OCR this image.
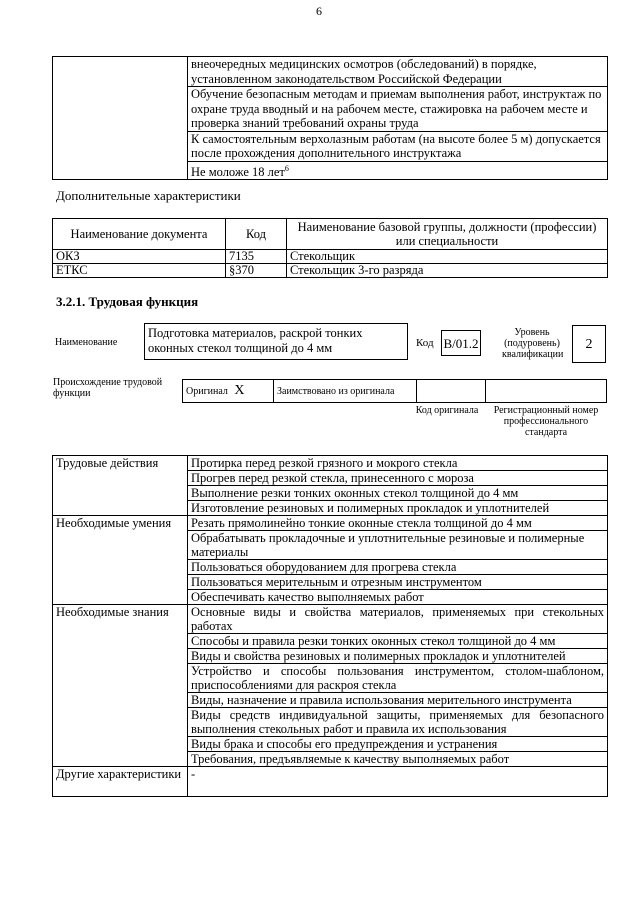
6
	внеочередных медицинских осмотров (обследований) в порядке, установленном законодательством Российской Федерации
Обучение безопасным методам и приемам выполнения работ, инструктаж по охране труда вводный и на рабочем месте, стажировка на рабочем месте и проверка знаний требований охраны труда
К самостоятельным верхолазным работам (на высоте более 5 м) допускается после прохождения дополнительного инструктажа
Не моложе 18 лет$^6$
Дополнительные характеристики
Наименование документа	Код	Наименование базовой группы, должности (профессии) или специальности
ОКЗ	7135	Стекольщик
ЕТКС	§370	Стекольщик 3-го разряда
3.2.1. Трудовая функция
Наименование
Подготовка материалов, раскрой тонких оконных стекол толщиной до 4 мм	Код B/01.2
Уровень (подуровень) квалификации
2
Происхождение трудовой функции	Оригинал X	Заимствовано из оригинала		
Код оригинала	Регистрационный номер профессионального стандарта
Трудовые действия	Протирка перед резкой грязного и мокрого стекла
	Прогрев перед резкой стекла, принесенного с мороза
	Выполнение резки тонких оконных стекол толщиной до 4 мм
	Изготовление резиновых и полимерных прокладок и уплотнителей
Необходимые умения	Резать прямолинейно тонкие оконные стекла толщиной до 4 мм
	Обрабатывать прокладочные и уплотнительные резиновые и полимерные материалы
	Пользоваться оборудованием для прогрева стекла
	Пользоваться мерительным и отрезным инструментом
	Обеспечивать качество выполняемых работ
Необходимые знания	Основные виды и свойства материалов, применяемых при стекольных работах
	Способы и правила резки тонких оконных стекол толщиной до 4 мм
	Виды и свойства резиновых и полимерных прокладок и уплотнителей
	Устройство и способы пользования инструментом, столом-шаблоном, приспособлениями для раскроя стекла
	Виды, назначение и правила использования мерительного инструмента
	Виды средств индивидуальной защиты, применяемых для безопасного выполнения стекольных работ и правила их использования
	Виды брака и способы его предупреждения и устранения
	Требования, предъявляемые к качеству выполняемых работ
Другие характеристики	-
